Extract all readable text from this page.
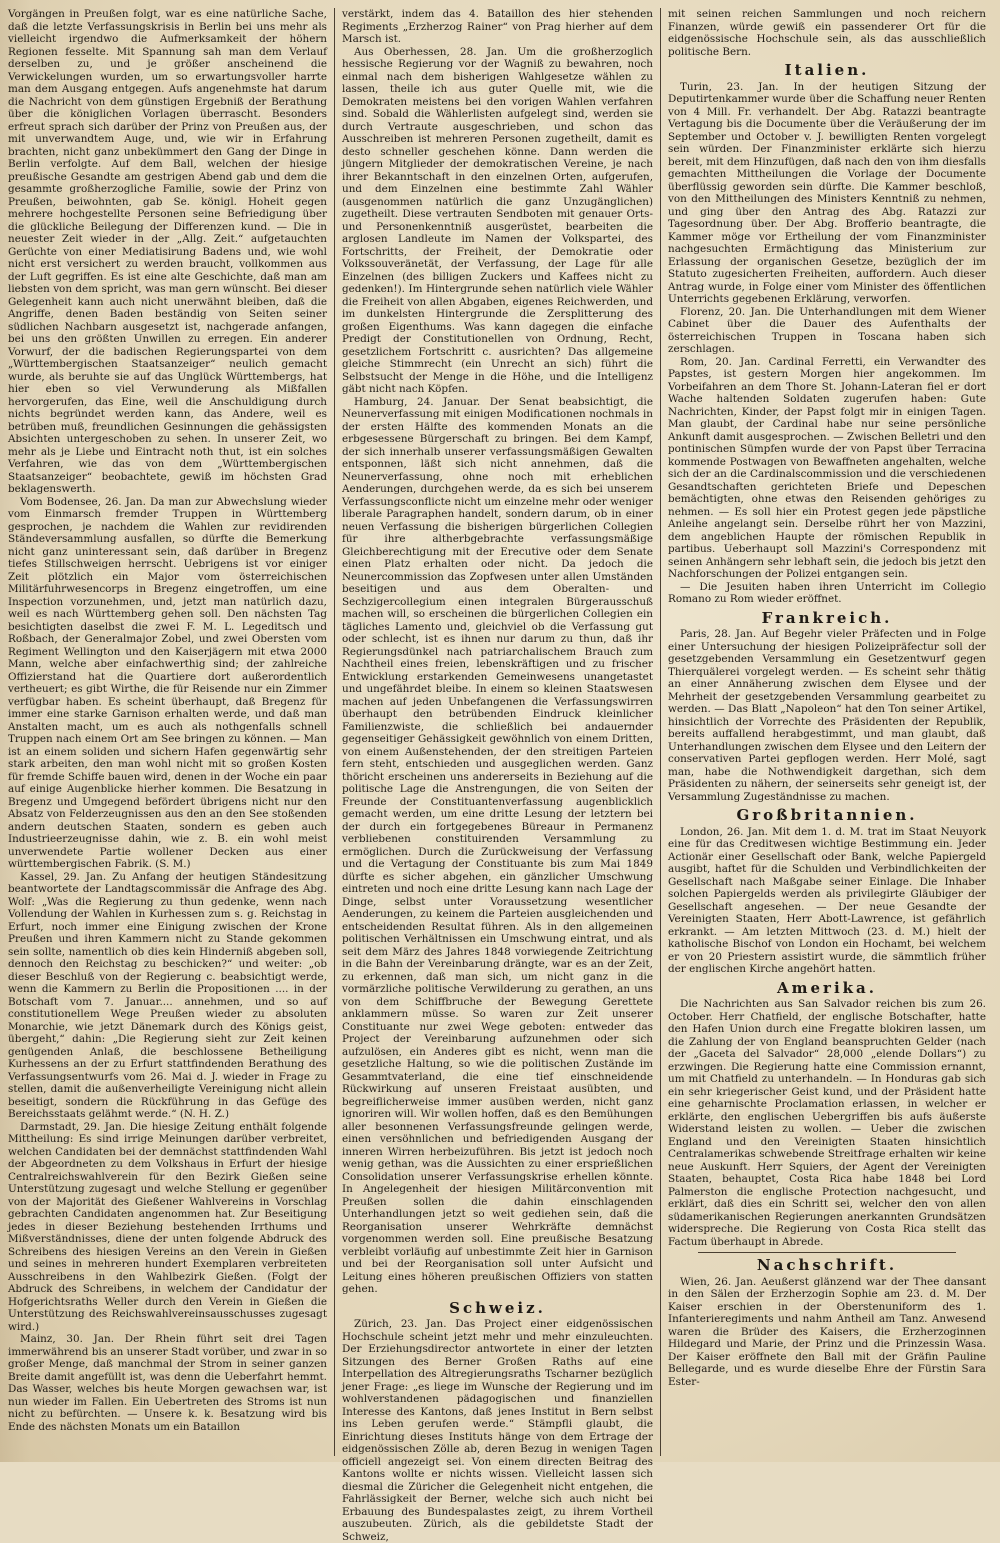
Vorgängen in Preußen folgt, war es eine natürliche Sache, daß die letzte Verfassungskrisis in Berlin bei uns mehr als vielleicht irgendwo die Aufmerksamkeit der höhern Regionen fesselte. Mit Spannung sah man dem Verlauf derselben zu, und je größer anscheinend die Verwickelungen wurden, um so erwartungsvoller harrte man dem Ausgang entgegen. Aufs angenehmste hat darum die Nachricht von dem günstigen Ergebniß der Berathung über die königlichen Vorlagen überrascht. Besonders erfreut sprach sich darüber der Prinz von Preußen aus, der mit unverwandtem Auge, und, wie wir in Erfahrung brachten, nicht ganz unbekümmert den Gang der Dinge in Berlin verfolgte. Auf dem Ball, welchen der hiesige preußische Gesandte am gestrigen Abend gab und dem die gesammte großherzogliche Familie, sowie der Prinz von Preußen, beiwohnten, gab Se. königl. Hoheit gegen mehrere hochgestellte Personen seine Befriedigung über die glückliche Beilegung der Differenzen kund. — Die in neuester Zeit wieder in der „Allg. Zeit.“ aufgetauchten Gerüchte von einer Mediatisirung Badens und, wie wohl nicht erst versichert zu werden braucht, vollkommen aus der Luft gegriffen. Es ist eine alte Geschichte, daß man am liebsten von dem spricht, was man gern wünscht. Bei dieser Gelegenheit kann auch nicht unerwähnt bleiben, daß die Angriffe, denen Baden beständig von Seiten seiner südlichen Nachbarn ausgesetzt ist, nachgerade anfangen, bei uns den größten Unwillen zu erregen. Ein anderer Vorwurf, der die badischen Regierungspartei von dem „Württembergischen Staatsanzeiger“ neulich gemacht wurde, als beruhte sie auf das Unglück Württembergs, hat hier eben so viel Verwunderung als Mißfallen hervorgerufen, das Eine, weil die Anschuldigung durch nichts begründet werden kann, das Andere, weil es betrüben muß, freundlichen Gesinnungen die gehässigsten Absichten untergeschoben zu sehen. In unserer Zeit, wo mehr als je Liebe und Eintracht noth thut, ist ein solches Verfahren, wie das von dem „Württembergischen Staatsanzeiger“ beobachtete, gewiß im höchsten Grad beklagenswerth.

Vom Bodensee, 26. Jan. Da man zur Abwechslung wieder vom Einmarsch fremder Truppen in Württemberg gesprochen, je nachdem die Wahlen zur revidirenden Ständeversammlung ausfallen, so dürfte die Bemerkung nicht ganz uninteressant sein, daß darüber in Bregenz tiefes Stillschweigen herrscht. Uebrigens ist vor einiger Zeit plötzlich ein Major vom österreichischen Militärfuhrwesencorps in Bregenz eingetroffen, um eine Inspection vorzunehmen, und, jetzt man natürlich dazu, weil es nach Württemberg gehen soll. Den nächsten Tag besichtigten daselbst die zwei F. M. L. Legeditsch und Roßbach, der Generalmajor Zobel, und zwei Obersten vom Regiment Wellington und den Kaiserjägern mit etwa 2000 Mann, welche aber einfachwerthig sind; der zahlreiche Offizierstand hat die Quartiere dort außerordentlich vertheuert; es gibt Wirthe, die für Reisende nur ein Zimmer verfügbar haben. Es scheint überhaupt, daß Bregenz für immer eine starke Garnison erhalten werde, und daß man Anstalten macht, um es auch als nothgenfalls schnell Truppen nach einem Ort am See bringen zu können. — Man ist an einem soliden und sichern Hafen gegenwärtig sehr stark arbeiten, den man wohl nicht mit so großen Kosten für fremde Schiffe bauen wird, denen in der Woche ein paar auf einige Augenblicke hierher kommen. Die Besatzung in Bregenz und Umgegend befördert übrigens nicht nur den Absatz von Felderzeugnissen aus den an den See stoßenden andern deutschen Staaten, sondern es geben auch Industrieerzeugnisse dahin, wie z. B. ein wohl meist unverwendete Partie wollener Decken aus einer württembergischen Fabrik. (S. M.)

Kassel, 29. Jan. Zu Anfang der heutigen Ständesitzung beantwortete der Landtagscommissär die Anfrage des Abg. Wolf: „Was die Regierung zu thun gedenke, wenn nach Vollendung der Wahlen in Kurhessen zum s. g. Reichstag in Erfurt, noch immer eine Einigung zwischen der Krone Preußen und ihren Kammern nicht zu Stande gekommen sein sollte, namentlich ob dies kein Hinderniß abgeben soll, dennoch den Reichstag zu beschicken?“ und weiter: „ob dieser Beschluß von der Regierung c. beabsichtigt werde, wenn die Kammern zu Berlin die Propositionen .... in der Botschaft vom 7. Januar.... annehmen, und so auf constitutionellem Wege Preußen wieder zu absoluten Monarchie, wie jetzt Dänemark durch des Königs geist, übergeht,“ dahin: „Die Regierung sieht zur Zeit keinen genügenden Anlaß, die beschlossene Betheiligung Kurhessens an der zu Erfurt stattfindenden Berathung des Verfassungsentwurfs vom 26. Mai d. J. wieder in Frage zu stellen, damit die außenverheiligte Vereinigung nicht allein beseitigt, sondern die Rückführung in das Gefüge des Bereichsstaats gelähmt werde.“ (N. H. Z.)

Darmstadt, 29. Jan. Die hiesige Zeitung enthält folgende Mittheilung: Es sind irrige Meinungen darüber verbreitet, welchen Candidaten bei der demnächst stattfindenden Wahl der Abgeordneten zu dem Volkshaus in Erfurt der hiesige Centralreichswahlverein für den Bezirk Gießen seine Unterstützung zugesagt und welche Stellung er gegenüber von der Majorität des Gießener Wahlvereins in Vorschlag gebrachten Candidaten angenommen hat. Zur Beseitigung jedes in dieser Beziehung bestehenden Irrthums und Mißverständnisses, diene der unten folgende Abdruck des Schreibens des hiesigen Vereins an den Verein in Gießen und seines in mehreren hundert Exemplaren verbreiteten Ausschreibens in den Wahlbezirk Gießen. (Folgt der Abdruck des Schreibens, in welchem der Candidatur der Hofgerichtsraths Weller durch den Verein in Gießen die Unterstützung des Reichswahlvereinsausschusses zugesagt wird.)

Mainz, 30. Jan. Der Rhein führt seit drei Tagen immerwährend bis an unserer Stadt vorüber, und zwar in so großer Menge, daß manchmal der Strom in seiner ganzen Breite damit angefüllt ist, was denn die Ueberfahrt hemmt. Das Wasser, welches bis heute Morgen gewachsen war, ist nun wieder im Fallen. Ein Uebertreten des Stroms ist nun nicht zu befürchten. — Unsere k. k. Besatzung wird bis Ende des nächsten Monats um ein Bataillon

verstärkt, indem das 4. Bataillon des hier stehenden Regiments „Erzherzog Rainer“ von Prag hierher auf dem Marsch ist.

Aus Oberhessen, 28. Jan. Um die großherzoglich hessische Regierung vor der Wagniß zu bewahren, noch einmal nach dem bisherigen Wahlgesetze wählen zu lassen, theile ich aus guter Quelle mit, wie die Demokraten meistens bei den vorigen Wahlen verfahren sind. Sobald die Wählerlisten aufgelegt sind, werden sie durch Vertraute ausgeschrieben, und schon das Ausschreiben ist mehreren Personen zugetheilt, damit es desto schneller geschehen könne. Dann werden die jüngern Mitglieder der demokratischen Vereine, je nach ihrer Bekanntschaft in den einzelnen Orten, aufgerufen, und dem Einzelnen eine bestimmte Zahl Wähler (ausgenommen natürlich die ganz Unzugänglichen) zugetheilt. Diese vertrauten Sendboten mit genauer Orts- und Personenkenntniß ausgerüstet, bearbeiten die arglosen Landleute im Namen der Volkspartei, des Fortschritts, der Freiheit, der Demokratie oder Volkssouveränetät, der Verfassung, der Lage für alle Einzelnen (des billigen Zuckers und Kaffees nicht zu gedenken!). Im Hintergrunde sehen natürlich viele Wähler die Freiheit von allen Abgaben, eigenes Reichwerden, und im dunkelsten Hintergrunde die Zersplitterung des großen Eigenthums. Was kann dagegen die einfache Predigt der Constitutionellen von Ordnung, Recht, gesetzlichem Fortschritt c. ausrichten? Das allgemeine gleiche Stimmrecht (ein Unrecht an sich) führt die Selbstsucht der Menge in die Höhe, und die Intelligenz gäbt nicht nach Köpfen.

Hamburg, 24. Januar. Der Senat beabsichtigt, die Neunerverfassung mit einigen Modificationen nochmals in der ersten Hälfte des kommenden Monats an die erbgesessene Bürgerschaft zu bringen. Bei dem Kampf, der sich innerhalb unserer verfassungsmäßigen Gewalten entsponnen, läßt sich nicht annehmen, daß die Neunerverfassung, ohne noch mit erheblichen Aenderungen, durchgehen werde, da es sich bei unserem Verfassungsconflicte nicht um einzelne mehr oder weniger liberale Paragraphen handelt, sondern darum, ob in einer neuen Verfassung die bisherigen bürgerlichen Collegien für ihre altherbgebrachte verfassungsmäßige Gleichberechtigung mit der Erecutive oder dem Senate einen Platz erhalten oder nicht. Da jedoch die Neunercommission das Zopfwesen unter allen Umständen beseitigen und aus dem Oberalten- und Sechzigercollegium einen integralen Bürgerausschuß machen will, so erscheinen die bürgerlichen Collegien ein tägliches Lamento und, gleichviel ob die Verfassung gut oder schlecht, ist es ihnen nur darum zu thun, daß ihr Regierungsdünkel nach patriarchalischem Brauch zum Nachtheil eines freien, lebenskräftigen und zu frischer Entwicklung erstarkenden Gemeinwesens unangetastet und ungefährdet bleibe. In einem so kleinen Staatswesen machen auf jeden Unbefangenen die Verfassungswirren überhaupt den betrübenden Eindruck kleinlicher Familienzwiste, die schließlich bei andauernder gegenseitiger Gehässigkeit gewöhnlich von einem Dritten, von einem Außenstehenden, der den streitigen Parteien fern steht, entschieden und ausgeglichen werden. Ganz thöricht erscheinen uns andererseits in Beziehung auf die politische Lage die Anstrengungen, die von Seiten der Freunde der Constituantenverfassung augenblicklich gemacht werden, um eine dritte Lesung der letztern bei der durch ein fortgegebenes Büreaur in Permanenz verbliebenen constituirenden Versammlung zu ermöglichen. Durch die Zurückweisung der Verfassung und die Vertagung der Constituante bis zum Mai 1849 dürfte es sicher abgehen, ein gänzlicher Umschwung eintreten und noch eine dritte Lesung kann nach Lage der Dinge, selbst unter Voraussetzung wesentlicher Aenderungen, zu keinem die Parteien ausgleichenden und entscheidenden Resultat führen. Als in den allgemeinen politischen Verhältnissen ein Umschwung eintrat, und als seit dem März des Jahres 1848 vorwiegende Zeitrichtung in die Bahn der Vereinbarung drängte, war es an der Zeit, zu erkennen, daß man sich, um nicht ganz in die vormärzliche politische Verwilderung zu gerathen, an uns von dem Schiffbruche der Bewegung Gerettete anklammern müsse. So waren zur Zeit unserer Constituante nur zwei Wege geboten: entweder das Project der Vereinbarung aufzunehmen oder sich aufzulösen, ein Anderes gibt es nicht, wenn man die gesetzliche Haltung, so wie die politischen Zustände im Gesammtvaterland, die eine tief einschneidende Rückwirkung auf unseren Freistaat ausübten, und begreiflicherweise immer ausüben werden, nicht ganz ignoriren will. Wir wollen hoffen, daß es den Bemühungen aller besonnenen Verfassungsfreunde gelingen werde, einen versöhnlichen und befriedigenden Ausgang der inneren Wirren herbeizuführen. Bis jetzt ist jedoch noch wenig gethan, was die Aussichten zu einer ersprießlichen Consolidation unserer Verfassungskrise erhellen könnte. In Angelegenheit der hiesigen Militärconvention mit Preußen sollen die dahin einschlagenden Unterhandlungen jetzt so weit gediehen sein, daß die Reorganisation unserer Wehrkräfte demnächst vorgenommen werden soll. Eine preußische Besatzung verbleibt vorläufig auf unbestimmte Zeit hier in Garnison und bei der Reorganisation soll unter Aufsicht und Leitung eines höheren preußischen Offiziers von statten gehen.

Schweiz.

Zürich, 23. Jan. Das Project einer eidgenössischen Hochschule scheint jetzt mehr und mehr einzuleuchten. Der Erziehungsdirector antwortete in einer der letzten Sitzungen des Berner Großen Raths auf eine Interpellation des Altregierungsraths Tscharner bezüglich jener Frage: „es liege im Wunsche der Regierung und im wohlverstandenen pädagogischen und finanziellen Interesse des Kantons, daß jenes Institut in Bern selbst ins Leben gerufen werde.“ Stämpfli glaubt, die Einrichtung dieses Instituts hänge von dem Ertrage der eidgenössischen Zölle ab, deren Bezug in wenigen Tagen officiell angezeigt sei. Von einem directen Beitrag des Kantons wollte er nichts wissen. Vielleicht lassen sich diesmal die Züricher die Gelegenheit nicht entgehen, die Fahrlässigkeit der Berner, welche sich auch nicht bei Erbauung des Bundespalastes zeigt, zu ihrem Vortheil auszubeuten. Zürich, als die gebildetste Stadt der Schweiz,

mit seinen reichen Sammlungen und noch reichern Finanzen, würde gewiß ein passenderer Ort für die eidgenössische Hochschule sein, als das ausschließlich politische Bern.

Italien.

Turin, 23. Jan. In der heutigen Sitzung der Deputirtenkammer wurde über die Schaffung neuer Renten von 4 Mill. Fr. verhandelt. Der Abg. Ratazzi beantragte Vertagung bis die Documente über die Veräußerung der im September und October v. J. bewilligten Renten vorgelegt sein würden. Der Finanzminister erklärte sich hierzu bereit, mit dem Hinzufügen, daß nach den von ihm diesfalls gemachten Mittheilungen die Vorlage der Documente überflüssig geworden sein dürfte. Die Kammer beschloß, von den Mittheilungen des Ministers Kenntniß zu nehmen, und ging über den Antrag des Abg. Ratazzi zur Tagesordnung über. Der Abg. Brofferio beantragte, die Kammer möge vor Ertheilung der vom Finanzminister nachgesuchten Ermächtigung das Ministerium zur Erlassung der organischen Gesetze, bezüglich der im Statuto zugesicherten Freiheiten, auffordern. Auch dieser Antrag wurde, in Folge einer vom Minister des öffentlichen Unterrichts gegebenen Erklärung, verworfen.

Florenz, 20. Jan. Die Unterhandlungen mit dem Wiener Cabinet über die Dauer des Aufenthalts der österreichischen Truppen in Toscana haben sich zerschlagen.

Rom, 20. Jan. Cardinal Ferretti, ein Verwandter des Papstes, ist gestern Morgen hier angekommen. Im Vorbeifahren an dem Thore St. Johann-Lateran fiel er dort Wache haltenden Soldaten zugerufen haben: Gute Nachrichten, Kinder, der Papst folgt mir in einigen Tagen. Man glaubt, der Cardinal habe nur seine persönliche Ankunft damit ausgesprochen. — Zwischen Belletri und den pontinischen Sümpfen wurde der von Papst über Terracina kommende Postwagen von Bewaffneten angehalten, welche sich der an die Cardinalscommission und die verschiedenen Gesandtschaften gerichteten Briefe und Depeschen bemächtigten, ohne etwas den Reisenden gehöriges zu nehmen. — Es soll hier ein Protest gegen jede päpstliche Anleihe angelangt sein. Derselbe rührt her von Mazzini, dem angeblichen Haupte der römischen Republik in partibus. Ueberhaupt soll Mazzini's Correspondenz mit seinen Anhängern sehr lebhaft sein, die jedoch bis jetzt den Nachforschungen der Polizei entgangen sein.

— Die Jesuiten haben ihren Unterricht im Collegio Romano zu Rom wieder eröffnet.

Frankreich.

Paris, 28. Jan. Auf Begehr vieler Präfecten und in Folge einer Untersuchung der hiesigen Polizeipräfectur soll der gesetzgebenden Versammlung ein Gesetzentwurf gegen Thierquälerei vorgelegt werden. — Es scheint sehr thätig an einer Annäherung zwischen dem Elysee und der Mehrheit der gesetzgebenden Versammlung gearbeitet zu werden. — Das Blatt „Napoleon“ hat den Ton seiner Artikel, hinsichtlich der Vorrechte des Präsidenten der Republik, bereits auffallend herabgestimmt, und man glaubt, daß Unterhandlungen zwischen dem Elysee und den Leitern der conservativen Partei gepflogen werden. Herr Molé, sagt man, habe die Nothwendigkeit dargethan, sich dem Präsidenten zu nähern, der seinerseits sehr geneigt ist, der Versammlung Zugeständnisse zu machen.

Großbritannien.

London, 26. Jan. Mit dem 1. d. M. trat im Staat Neuyork eine für das Creditwesen wichtige Bestimmung ein. Jeder Actionär einer Gesellschaft oder Bank, welche Papiergeld ausgibt, haftet für die Schulden und Verbindlichkeiten der Gesellschaft nach Maßgabe seiner Einlage. Die Inhaber solchen Papiergelds werden als privilegirte Gläubiger der Gesellschaft angesehen. — Der neue Gesandte der Vereinigten Staaten, Herr Abott-Lawrence, ist gefährlich erkrankt. — Am letzten Mittwoch (23. d. M.) hielt der katholische Bischof von London ein Hochamt, bei welchem er von 20 Priestern assistirt wurde, die sämmtlich früher der englischen Kirche angehört hatten.

Amerika.

Die Nachrichten aus San Salvador reichen bis zum 26. October. Herr Chatfield, der englische Botschafter, hatte den Hafen Union durch eine Fregatte blokiren lassen, um die Zahlung der von England beanspruchten Gelder (nach der „Gaceta del Salvador“ 28,000 „elende Dollars“) zu erzwingen. Die Regierung hatte eine Commission ernannt, um mit Chatfield zu unterhandeln. — In Honduras gab sich ein sehr kriegerischer Geist kund, und der Präsident hatte eine geharnischte Proclamation erlassen, in welcher er erklärte, den englischen Uebergriffen bis aufs äußerste Widerstand leisten zu wollen. — Ueber die zwischen England und den Vereinigten Staaten hinsichtlich Centralamerikas schwebende Streitfrage erhalten wir keine neue Auskunft. Herr Squiers, der Agent der Vereinigten Staaten, behauptet, Costa Rica habe 1848 bei Lord Palmerston die englische Protection nachgesucht, und erklärt, daß dies ein Schritt sei, welcher den von allen südamerikanischen Regierungen anerkannten Grundsätzen widerspreche. Die Regierung von Costa Rica stellt das Factum überhaupt in Abrede.

Nachschrift.

Wien, 26. Jan. Aeußerst glänzend war der Thee dansant in den Sälen der Erzherzogin Sophie am 23. d. M. Der Kaiser erschien in der Oberstenuniform des 1. Infanterieregiments und nahm Antheil am Tanz. Anwesend waren die Brüder des Kaisers, die Erzherzoginnen Hildegard und Marie, der Prinz und die Prinzessin Wasa. Der Kaiser eröffnete den Ball mit der Gräfin Pauline Bellegarde, und es wurde dieselbe Ehre der Fürstin Sara Ester-
